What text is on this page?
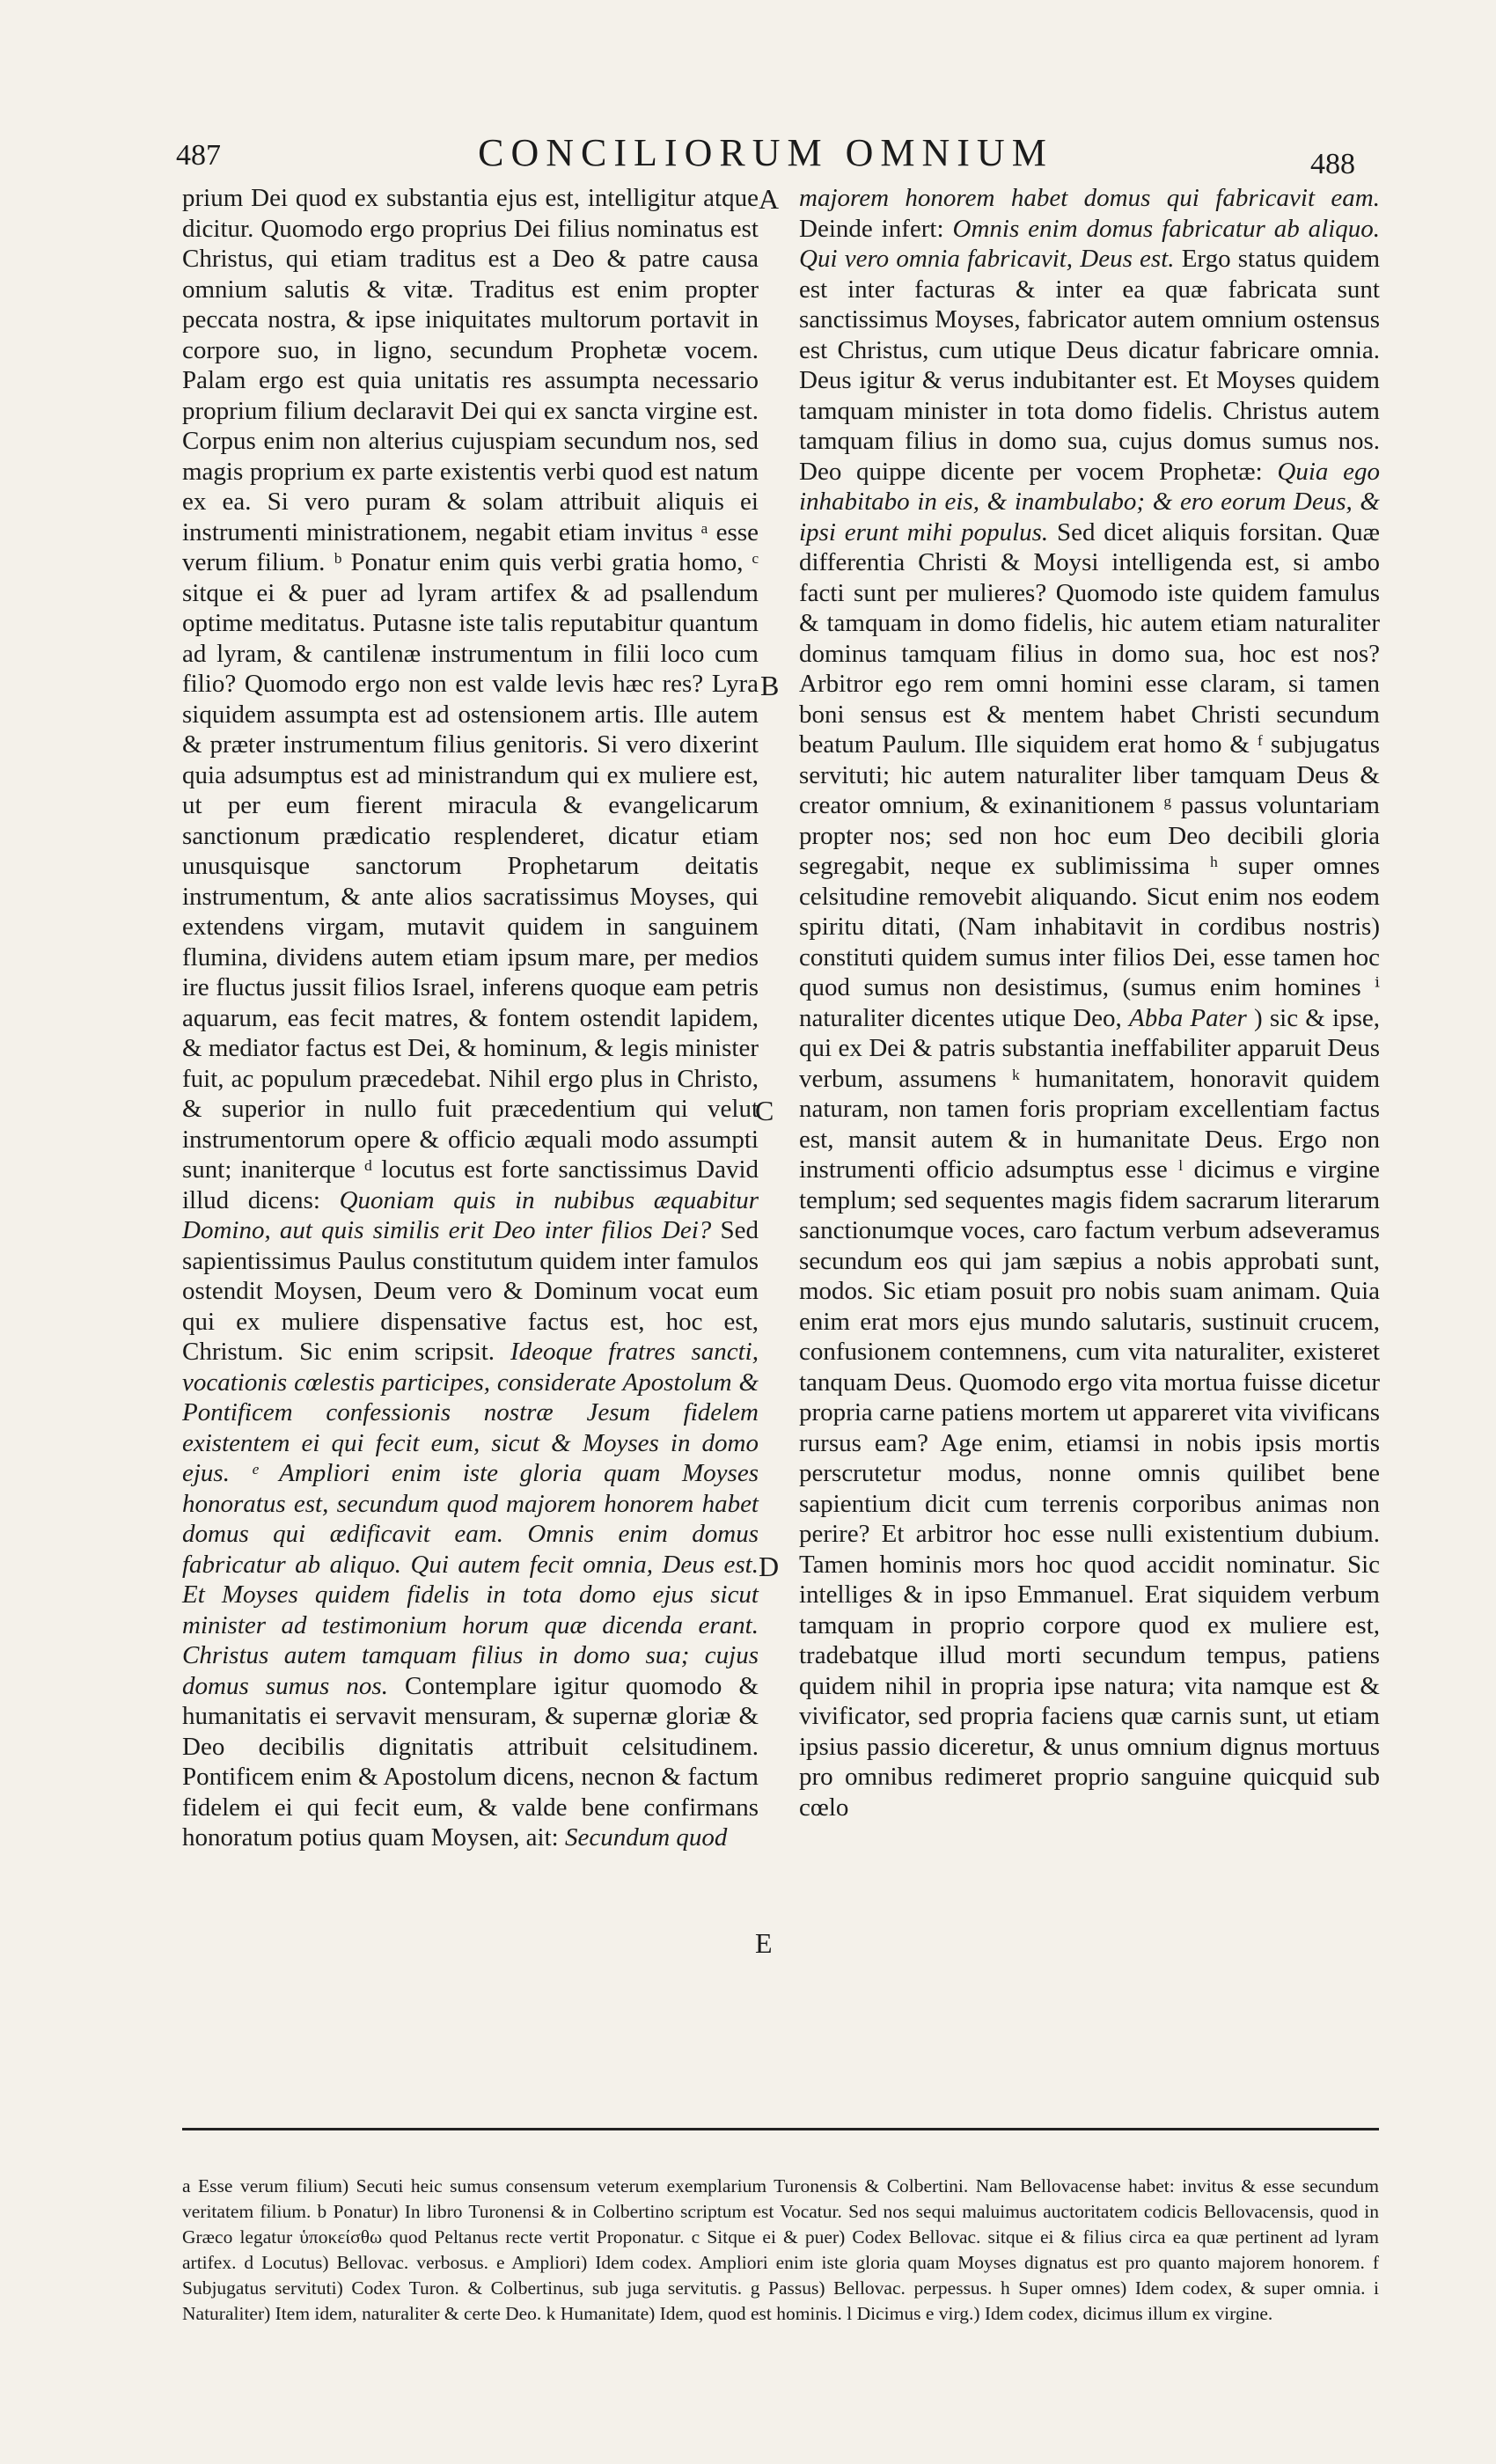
487	CONCILIORUM OMNIUM	488

prium Dei quod ex substantia ejus est, intelligitur atque dicitur. Quomodo ergo proprius Dei filius nominatus est Christus, qui etiam traditus est a Deo & patre causa omnium salutis & vitæ. Traditus est enim propter peccata nostra, & ipse iniquitates multorum portavit in corpore suo, in ligno, secundum Prophetæ vocem. Palam ergo est quia unitatis res assumpta necessario proprium filium declaravit Dei qui ex sancta virgine est. Corpus enim non alterius cujuspiam secundum nos, sed magis proprium ex parte existentis verbi quod est natum ex ea. Si vero puram & solam attribuit aliquis ei instrumenti ministrationem, negabit etiam invitus ᵃ esse verum filium. ᵇ Ponatur enim quis verbi gratia homo, ᶜ sitque ei & puer ad lyram artifex & ad psallendum optime meditatus. Putasne iste talis reputabitur quantum ad lyram, & cantilenæ instrumentum in filii loco cum filio? Quomodo ergo non est valde levis hæc res? Lyra siquidem assumpta est ad ostensionem artis. Ille autem & præter instrumentum filius genitoris. Si vero dixerint quia adsumptus est ad ministrandum qui ex muliere est, ut per eum fierent miracula & evangelicarum sanctionum prædicatio resplenderet, dicatur etiam unusquisque sanctorum Prophetarum deitatis instrumentum, & ante alios sacratissimus Moyses, qui extendens virgam, mutavit quidem in sanguinem flumina, dividens autem etiam ipsum mare, per medios ire fluctus jussit filios Israel, inferens quoque eam petris aquarum, eas fecit matres, & fontem ostendit lapidem, & mediator factus est Dei, & hominum, & legis minister fuit, ac populum præcedebat. Nihil ergo plus in Christo, & superior in nullo fuit præcedentium qui velut instrumentorum opere & officio æquali modo assumpti sunt; inaniterque ᵈ locutus est forte sanctissimus David illud dicens: Quoniam quis in nubibus æquabitur Domino, aut quis similis erit Deo inter filios Dei? Sed sapientissimus Paulus constitutum quidem inter famulos ostendit Moysen, Deum vero & Dominum vocat eum qui ex muliere dispensative factus est, hoc est, Christum. Sic enim scripsit. Ideoque fratres sancti, vocationis cœlestis participes, considerate Apostolum & Pontificem confessionis nostræ Jesum fidelem existentem ei qui fecit eum, sicut & Moyses in domo ejus. ᵉ Ampliori enim iste gloria quam Moyses honoratus est, secundum quod majorem honorem habet domus qui ædificavit eam. Omnis enim domus fabricatur ab aliquo. Qui autem fecit omnia, Deus est. Et Moyses quidem fidelis in tota domo ejus sicut minister ad testimonium horum quæ dicenda erant. Christus autem tamquam filius in domo sua; cujus domus sumus nos. Contemplare igitur quomodo & humanitatis ei servavit mensuram, & supernæ gloriæ & Deo decibilis dignitatis attribuit celsitudinem. Pontificem enim & Apostolum dicens, necnon & factum fidelem ei qui fecit eum, & valde bene confirmans honoratum potius quam Moysen, ait: Secundum quod

majorem honorem habet domus qui fabricavit eam. Deinde infert: Omnis enim domus fabricatur ab aliquo. Qui vero omnia fabricavit, Deus est. Ergo status quidem est inter facturas & inter ea quæ fabricata sunt sanctissimus Moyses, fabricator autem omnium ostensus est Christus, cum utique Deus dicatur fabricare omnia. Deus igitur & verus indubitanter est. Et Moyses quidem tamquam minister in tota domo fidelis. Christus autem tamquam filius in domo sua, cujus domus sumus nos. Deo quippe dicente per vocem Prophetæ: Quia ego inhabitabo in eis, & inambulabo; & ero eorum Deus, & ipsi erunt mihi populus. Sed dicet aliquis forsitan. Quæ differentia Christi & Moysi intelligenda est, si ambo facti sunt per mulieres? Quomodo iste quidem famulus & tamquam in domo fidelis, hic autem etiam naturaliter dominus tamquam filius in domo sua, hoc est nos? Arbitror ego rem omni homini esse claram, si tamen boni sensus est & mentem habet Christi secundum beatum Paulum. Ille siquidem erat homo & ᶠ subjugatus servituti; hic autem naturaliter liber tamquam Deus & creator omnium, & exinanitionem ᵍ passus voluntariam propter nos; sed non hoc eum Deo decibili gloria segregabit, neque ex sublimissima ʰ super omnes celsitudine removebit aliquando. Sicut enim nos eodem spiritu ditati, (Nam inhabitavit in cordibus nostris) constituti quidem sumus inter filios Dei, esse tamen hoc quod sumus non desistimus, (sumus enim homines ⁱ naturaliter dicentes utique Deo, Abba Pater ) sic & ipse, qui ex Dei & patris substantia ineffabiliter apparuit Deus verbum, assumens ᵏ humanitatem, honoravit quidem naturam, non tamen foris propriam excellentiam factus est, mansit autem & in humanitate Deus. Ergo non instrumenti officio adsumptus esse ˡ dicimus e virgine templum; sed sequentes magis fidem sacrarum literarum sanctionumque voces, caro factum verbum adseveramus secundum eos qui jam sæpius a nobis approbati sunt, modos. Sic etiam posuit pro nobis suam animam. Quia enim erat mors ejus mundo salutaris, sustinuit crucem, confusionem contemnens, cum vita naturaliter, existeret tanquam Deus. Quomodo ergo vita mortua fuisse dicetur propria carne patiens mortem ut appareret vita vivificans rursus eam? Age enim, etiamsi in nobis ipsis mortis perscrutetur modus, nonne omnis quilibet bene sapientium dicit cum terrenis corporibus animas non perire? Et arbitror hoc esse nulli existentium dubium. Tamen hominis mors hoc quod accidit nominatur. Sic intelliges & in ipso Emmanuel. Erat siquidem verbum tamquam in proprio corpore quod ex muliere est, tradebatque illud morti secundum tempus, patiens quidem nihil in propria ipse natura; vita namque est & vivificator, sed propria faciens quæ carnis sunt, ut etiam ipsius passio diceretur, & unus omnium dignus mortuus pro omnibus redimeret proprio sanguine quicquid sub cœlo

A
B
C
D
E

a Esse verum filium) Secuti heic sumus consensum veterum exemplarium Turonensis & Colbertini. Nam Bellovacense habet: invitus & esse secundum veritatem filium. b Ponatur) In libro Turonensi & in Colbertino scriptum est Vocatur. Sed nos sequi maluimus auctoritatem codicis Bellovacensis, quod in Græco legatur ὑποκείσθω quod Peltanus recte vertit Proponatur. c Sitque ei & puer) Codex Bellovac. sitque ei & filius circa ea quæ pertinent ad lyram artifex. d Locutus) Bellovac. verbosus. e Ampliori) Idem codex. Ampliori enim iste gloria quam Moyses dignatus est pro quanto majorem honorem. f Subjugatus servituti) Codex Turon. & Colbertinus, sub juga servitutis. g Passus) Bellovac. perpessus. h Super omnes) Idem codex, & super omnia. i Naturaliter) Item idem, naturaliter & certe Deo. k Humanitate) Idem, quod est hominis. l Dicimus e virg.) Idem codex, dicimus illum ex virgine.
